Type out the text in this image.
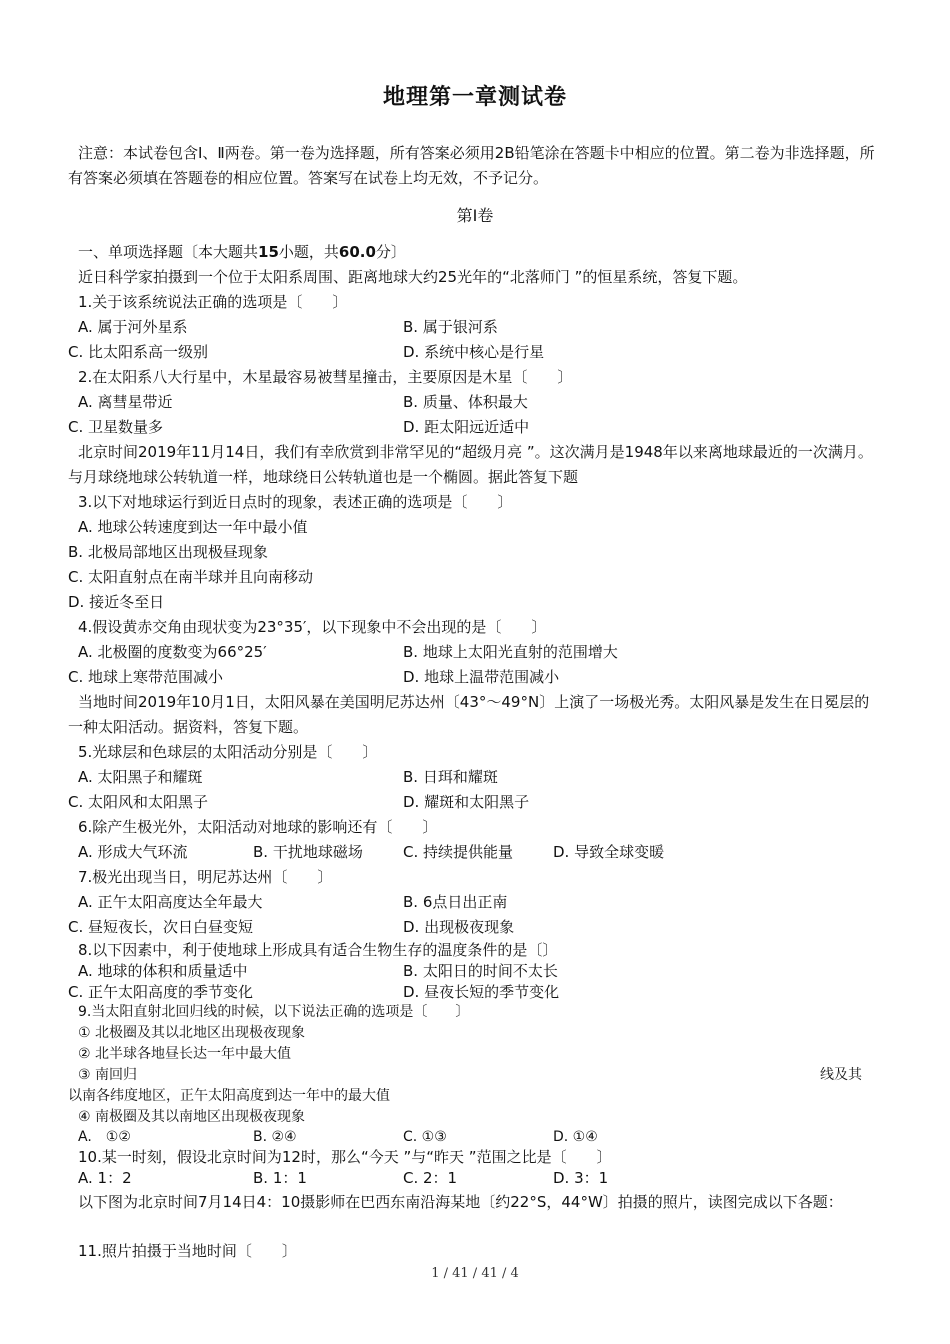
地理第一章测试卷
注意：本试卷包含Ⅰ、Ⅱ两卷。第一卷为选择题，所有答案必须用2B铅笔涂在答题卡中相应的位置。第二卷为非选择题，所有答案必须填在答题卷的相应位置。答案写在试卷上均无效，不予记分。
第Ⅰ卷
一、单项选择题〔本大题共15小题，共60.0分〕
近日科学家拍摄到一个位于太阳系周围、距离地球大约25光年的“北落师门 ”的恒星系统，答复下题。
1.关于该系统说法正确的选项是〔　　〕
A. 属于河外星系	B. 属于银河系
C. 比太阳系高一级别	D. 系统中核心是行星
2.在太阳系八大行星中，木星最容易被彗星撞击，主要原因是木星〔　　〕
A. 离彗星带近	B. 质量、体积最大
C. 卫星数量多	D. 距太阳远近适中
北京时间2019年11月14日，我们有幸欣赏到非常罕见的“超级月亮 ”。这次满月是1948年以来离地球最近的一次满月。与月球绕地球公转轨道一样，地球绕日公转轨道也是一个椭圆。据此答复下题
3.以下对地球运行到近日点时的现象，表述正确的选项是〔　　〕
A. 地球公转速度到达一年中最小值
B. 北极局部地区出现极昼现象
C. 太阳直射点在南半球并且向南移动
D. 接近冬至日
4.假设黄赤交角由现状变为23°35′，以下现象中不会出现的是〔　　〕
A. 北极圈的度数变为66°25′	B. 地球上太阳光直射的范围增大
C. 地球上寒带范围减小	D. 地球上温带范围减小
当地时间2019年10月1日，太阳风暴在美国明尼苏达州〔43°～49°N〕上演了一场极光秀。太阳风暴是发生在日冕层的一种太阳活动。据资料，答复下题。
5.光球层和色球层的太阳活动分别是〔　　〕
A. 太阳黑子和耀斑	B. 日珥和耀斑
C. 太阳风和太阳黑子	D. 耀斑和太阳黑子
6.除产生极光外，太阳活动对地球的影响还有〔　　〕
A. 形成大气环流	B. 干扰地球磁场	C. 持续提供能量	D. 导致全球变暖
7.极光出现当日，明尼苏达州〔　　〕
A. 正午太阳高度达全年最大	B. 6点日出正南
C. 昼短夜长，次日白昼变短	D. 出现极夜现象
8.以下因素中，利于使地球上形成具有适合生物生存的温度条件的是〔〕
A. 地球的体积和质量适中	B. 太阳日的时间不太长
C. 正午太阳高度的季节变化	D. 昼夜长短的季节变化
9.当太阳直射北回归线的时候，以下说法正确的选项是〔　　〕
① 北极圈及其以北地区出现极夜现象
② 北半球各地昼长达一年中最大值
③ 南回归	线及其
以南各纬度地区，正午太阳高度到达一年中的最大值
④ 南极圈及其以南地区出现极夜现象
A.　①②	B. ②④	C. ①③	D. ①④
10.某一时刻，假设北京时间为12时，那么“今天 ”与“昨天 ”范围之比是〔　　〕
A. 1：2	B. 1：1	C. 2：1	D. 3：1
以下图为北京时间7月14日4：10摄影师在巴西东南沿海某地〔约22°S，44°W〕拍摄的照片，读图完成以下各题：
11.照片拍摄于当地时间〔　　〕
1 / 41 / 41 / 4
